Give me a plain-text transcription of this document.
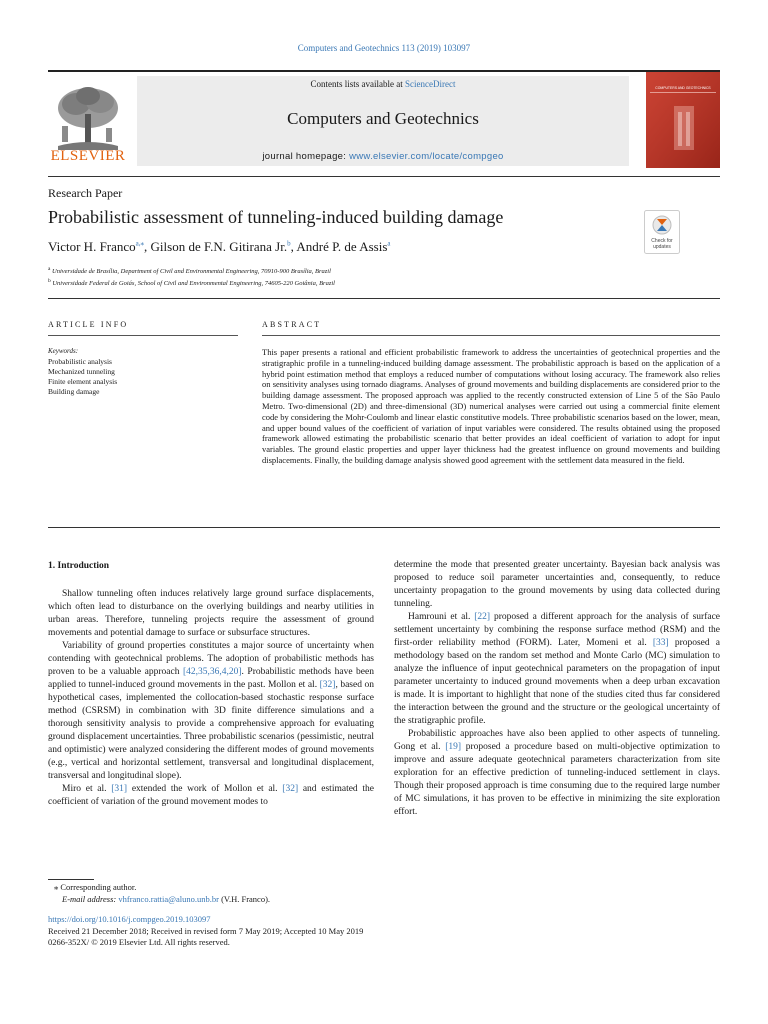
Computers and Geotechnics 113 (2019) 103097
ELSEVIER
Contents lists available at ScienceDirect
Computers and Geotechnics
journal homepage: www.elsevier.com/locate/compgeo
COMPUTERS AND GEOTECHNICS
Research Paper
Probabilistic assessment of tunneling-induced building damage
Check for
updates
Victor H. Franco$^{a,⁎}$, Gilson de F.N. Gitirana Jr.$^b$, André P. de Assis$^a$
$^a$ Universidade de Brasília, Department of Civil and Environmental Engineering, 70910-900 Brasília, Brazil
$^b$ Universidade Federal de Goiás, School of Civil and Environmental Engineering, 74605-220 Goiânia, Brazil
ARTICLE INFO
Keywords:
Probabilistic analysis
Mechanized tunneling
Finite element analysis
Building damage
ABSTRACT
This paper presents a rational and efficient probabilistic framework to address the uncertainties of geotechnical properties and the stratigraphic profile in a tunneling-induced building damage assessment. The probabilistic approach is based on the application of a hybrid point estimation method that employs a reduced number of computations without losing accuracy. The framework also relies on sensitivity analyses using tornado diagrams. Analyses of ground movements and building displacements are considered prior to the building damage assessment. The proposed approach was applied to the recently constructed extension of Line 5 of the São Paulo Metro. Two-dimensional (2D) and three-dimensional (3D) numerical analyses were carried out using a commercial finite element code by considering the Mohr-Coulomb and linear elastic constitutive models. Three probabilistic scenarios based on the lower, mean, and upper bound values of the coefficient of variation of input variables were considered. The results obtained using the proposed framework allowed estimating the probabilistic scenario that better provides an ideal coefficient of variation to adopt for input variables. The ground elastic properties and upper layer thickness had the greatest influence on ground movements and building displacements. Finally, the building damage analysis showed good agreement with the settlement data measured in the field.
1. Introduction

Shallow tunneling often induces relatively large ground surface displacements, which often lead to disturbance on the overlying buildings and nearby utilities in urban areas. Therefore, tunneling projects require the assessment of ground movements and potential damage to surface or subsurface structures.

Variability of ground properties constitutes a major source of uncertainty when contending with geotechnical problems. The adoption of probabilistic methods has proven to be a valuable approach [42,35,36,4,20]. Probabilistic methods have been applied to tunnel-induced ground movements in the past. Mollon et al. [32], based on hypothetical cases, implemented the collocation-based stochastic response surface method (CSRSM) in combination with 3D finite difference simulations and a thorough sensitivity analysis to provide a comprehensive approach for evaluating ground displacement uncertainties. Three probabilistic scenarios (pessimistic, neutral and optimistic) were analyzed considering the different modes of ground movements (e.g., vertical and horizontal settlement, transversal and longitudinal displacement, transversal and longitudinal slope).

Miro et al. [31] extended the work of Mollon et al. [32] and estimated the coefficient of variation of the ground movement modes to

determine the mode that presented greater uncertainty. Bayesian back analysis was proposed to reduce soil parameter uncertainties and, consequently, to reduce uncertainty propagation to the ground movements by using data collected during tunneling.

Hamrouni et al. [22] proposed a different approach for the analysis of surface settlement uncertainty by combining the response surface method (RSM) and the first-order reliability method (FORM). Later, Momeni et al. [33] proposed a methodology based on the random set method and Monte Carlo (MC) simulation to analyze the influence of input geotechnical parameters on the propagation of input parameter uncertainty to induced ground movements when a deep urban excavation is made. It is important to highlight that none of the studies cited thus far considered the interaction between the ground and the structure or the geological uncertainty of the stratigraphic profile.

Probabilistic approaches have also been applied to other aspects of tunneling. Gong et al. [19] proposed a procedure based on multi-objective optimization to improve and assure adequate geotechnical parameters characterization from site exploration for an effective prediction of tunneling-induced settlement in clays. Though their proposed approach is time consuming due to the required large number of MC simulations, it has proven to be effective in minimizing the site exploration effort.

⁎ Corresponding author.
E-mail address: vhfranco.rattia@aluno.unb.br (V.H. Franco).
https://doi.org/10.1016/j.compgeo.2019.103097
Received 21 December 2018; Received in revised form 7 May 2019; Accepted 10 May 2019
0266-352X/ © 2019 Elsevier Ltd. All rights reserved.
